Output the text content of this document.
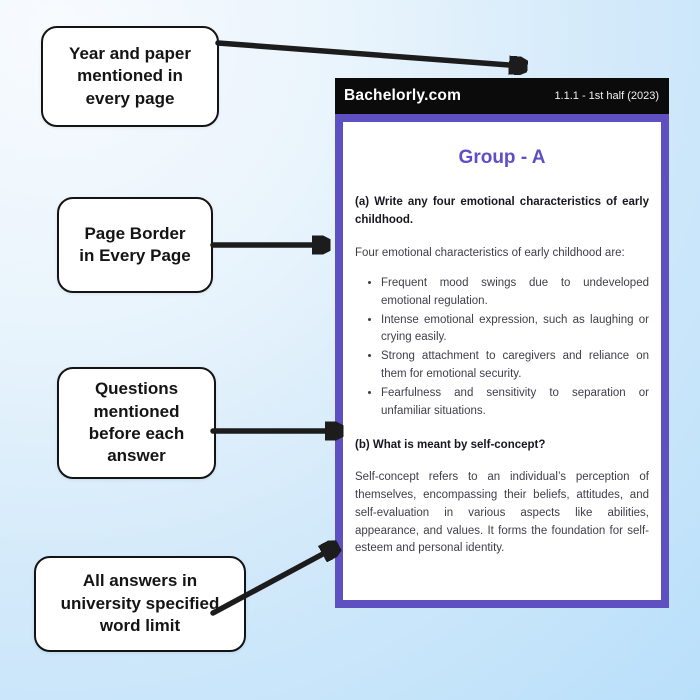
Year and paper
mentioned in
every page
Page Border
in Every Page
Questions
mentioned
before each
answer
All answers in
university specified
word limit
Bachelorly.com	1.1.1 - 1st half (2023)
Group - A
(a) Write any four emotional characteristics of early childhood.
Four emotional characteristics of early childhood are:
• Frequent mood swings due to undeveloped emotional regulation.
• Intense emotional expression, such as laughing or crying easily.
• Strong attachment to caregivers and reliance on them for emotional security.
• Fearfulness and sensitivity to separation or unfamiliar situations.
(b) What is meant by self-concept?
Self-concept refers to an individual’s perception of themselves, encompassing their beliefs, attitudes, and self-evaluation in various aspects like abilities, appearance, and values. It forms the foundation for self-esteem and personal identity.
